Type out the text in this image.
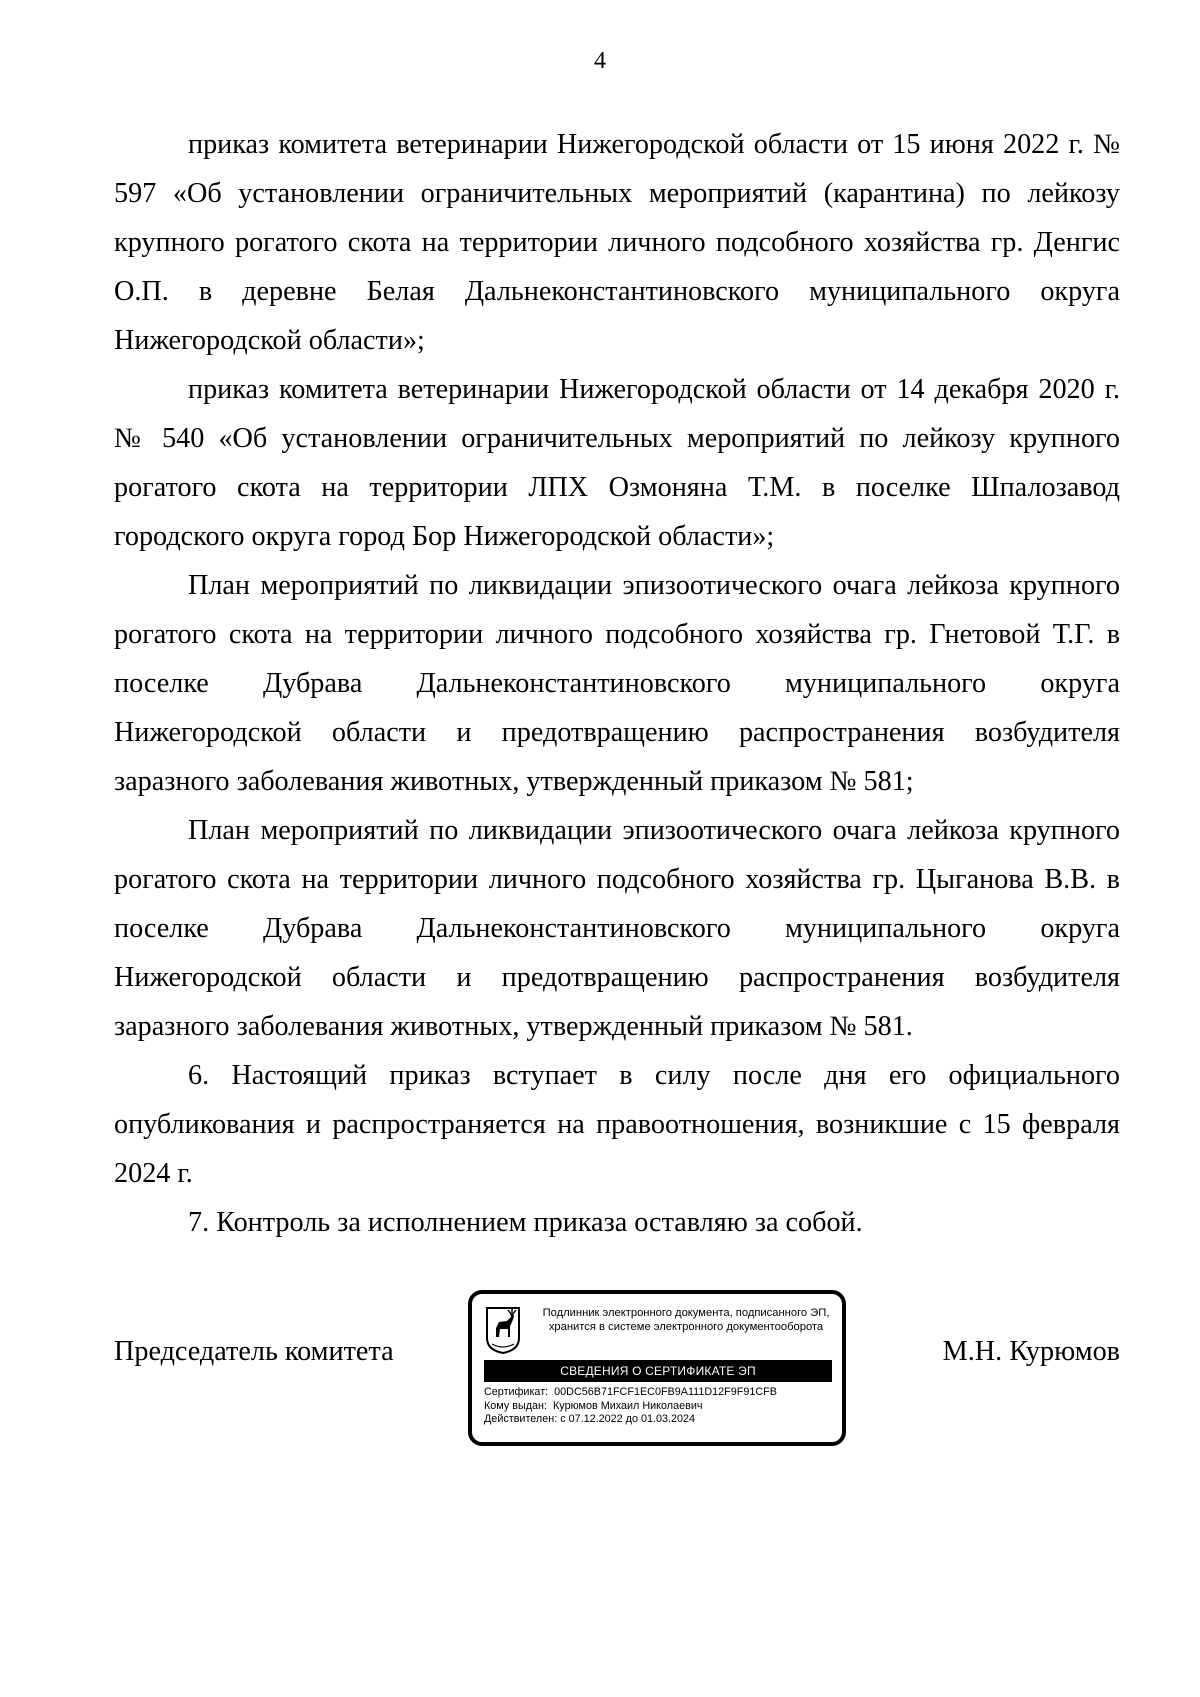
4

приказ комитета ветеринарии Нижегородской области от 15 июня 2022 г. № 597 «Об установлении ограничительных мероприятий (карантина) по лейкозу крупного рогатого скота на территории личного подсобного хозяйства гр. Денгис О.П. в деревне Белая Дальнеконстантиновского муниципального округа Нижегородской области»;

приказ комитета ветеринарии Нижегородской области от 14 декабря 2020 г. № 540 «Об установлении ограничительных мероприятий по лейкозу крупного рогатого скота на территории ЛПХ Озмоняна Т.М. в поселке Шпалозавод городского округа город Бор Нижегородской области»;

План мероприятий по ликвидации эпизоотического очага лейкоза крупного рогатого скота на территории личного подсобного хозяйства гр. Гнетовой Т.Г. в поселке Дубрава Дальнеконстантиновского муниципального округа Нижегородской области и предотвращению распространения возбудителя заразного заболевания животных, утвержденный приказом № 581;

План мероприятий по ликвидации эпизоотического очага лейкоза крупного рогатого скота на территории личного подсобного хозяйства гр. Цыганова В.В. в поселке Дубрава Дальнеконстантиновского муниципального округа Нижегородской области и предотвращению распространения возбудителя заразного заболевания животных, утвержденный приказом № 581.

6. Настоящий приказ вступает в силу после дня его официального опубликования и распространяется на правоотношения, возникшие с 15 февраля 2024 г.

7. Контроль за исполнением приказа оставляю за собой.

Председатель комитета
Подлинник электронного документа, подписанного ЭП,
хранится в системе электронного документооборота
СВЕДЕНИЯ О СЕРТИФИКАТЕ ЭП
Сертификат: 00DC56B71FCF1EC0FB9A111D12F9F91CFB
Кому выдан: Курюмов Михаил Николаевич
Действителен: с 07.12.2022 до 01.03.2024
М.Н. Курюмов
